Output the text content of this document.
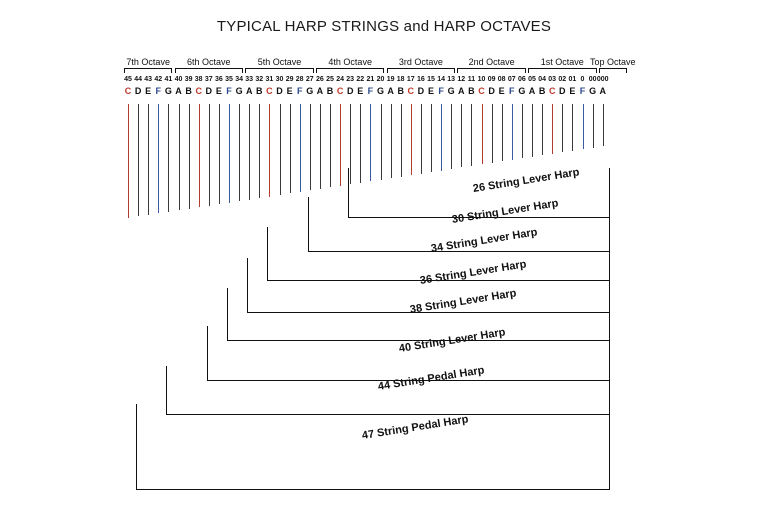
TYPICAL HARP STRINGS and HARP OCTAVES
7th Octave	6th Octave	5th Octave	4th Octave	3rd Octave	2nd Octave	1st Octave Top Octave
45 44 43 42 41 40 39 38 37 36 35 34 33 32 31 30 29 28 27 26 25 24 23 22 21 20 19 18 17 16 15 14 13 12 11 10 09 08 07 06 05 04 03 02 01 0 00 000
C D E F G A B C D E F G A B C D E F G A B C D E F G A B C D E F G A B C D E F G A B C D E F G A
26 String Lever Harp
30 String Lever Harp
34 String Lever Harp
36 String Lever Harp
38 String Lever Harp
40 String Lever Harp
44 String Pedal Harp
47 String Pedal Harp
